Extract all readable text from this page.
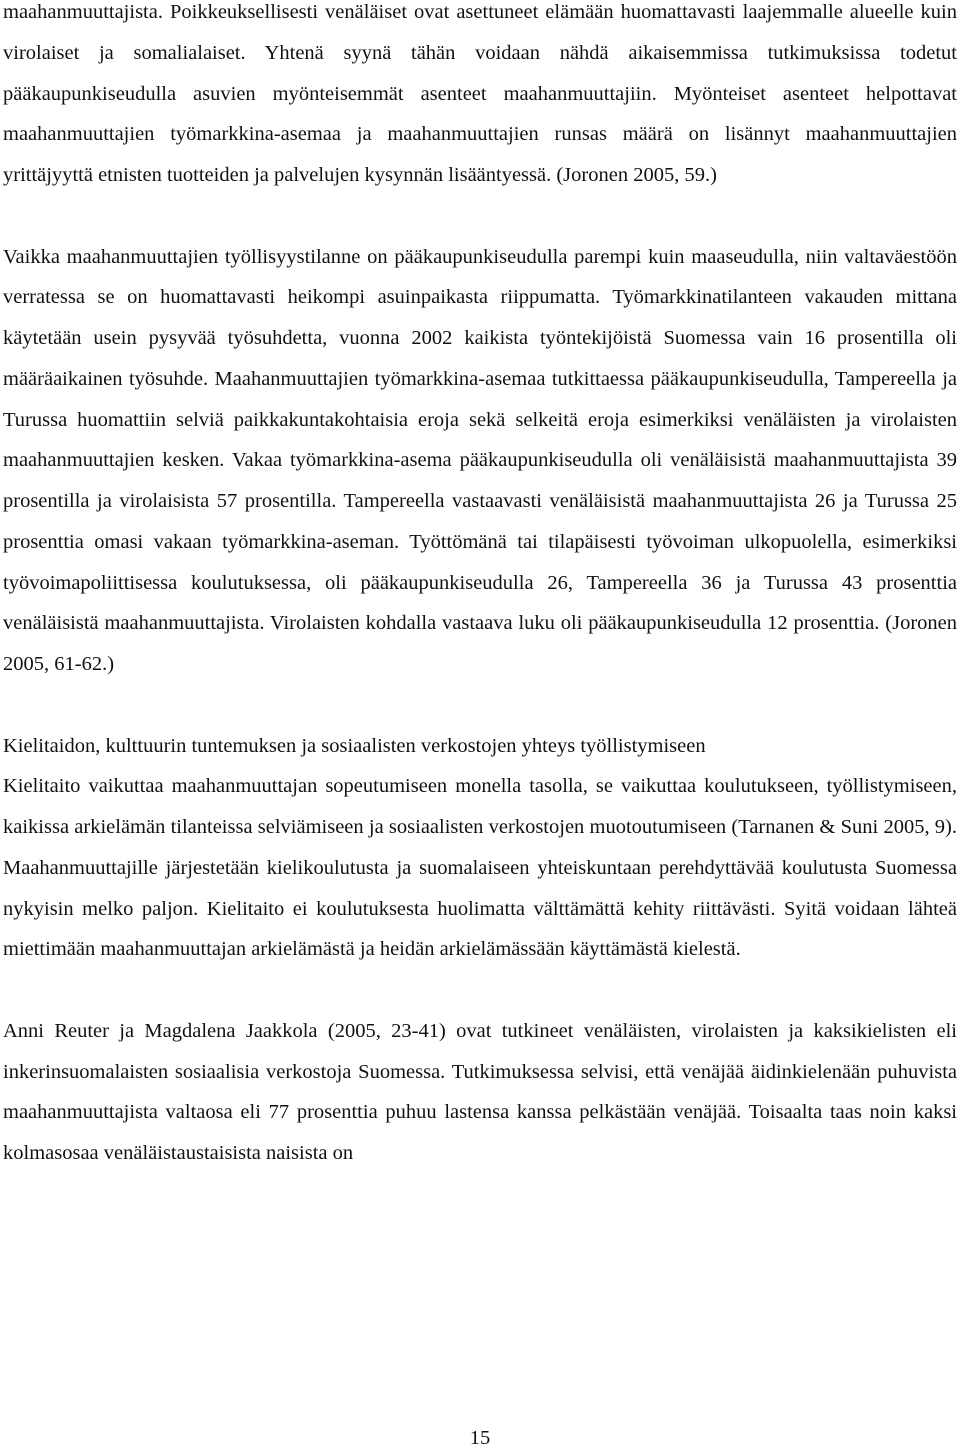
maahanmuuttajista. Poikkeuksellisesti venäläiset ovat asettuneet elämään huomattavasti laajemmalle alueelle kuin virolaiset ja somalialaiset. Yhtenä syynä tähän voidaan nähdä aikaisemmissa tutkimuksissa todetut pääkaupunkiseudulla asuvien myönteisemmät asenteet maahanmuuttajiin. Myönteiset asenteet helpottavat maahanmuuttajien työmarkkina-asemaa ja maahanmuuttajien runsas määrä on lisännyt maahanmuuttajien yrittäjyyttä etnisten tuotteiden ja palvelujen kysynnän lisääntyessä. (Joronen 2005, 59.)

Vaikka maahanmuuttajien työllisyystilanne on pääkaupunkiseudulla parempi kuin maaseudulla, niin valtaväestöön verratessa se on huomattavasti heikompi asuinpaikasta riippumatta. Työmarkkinatilanteen vakauden mittana käytetään usein pysyvää työsuhdetta, vuonna 2002 kaikista työntekijöistä Suomessa vain 16 prosentilla oli määräaikainen työsuhde. Maahanmuuttajien työmarkkina-asemaa tutkittaessa pääkaupunkiseudulla, Tampereella ja Turussa huomattiin selviä paikkakuntakohtaisia eroja sekä selkeitä eroja esimerkiksi venäläisten ja virolaisten maahanmuuttajien kesken. Vakaa työmarkkina-asema pääkaupunkiseudulla oli venäläisistä maahanmuuttajista 39 prosentilla ja virolaisista 57 prosentilla. Tampereella vastaavasti venäläisistä maahanmuuttajista 26 ja Turussa 25 prosenttia omasi vakaan työmarkkina-aseman. Työttömänä tai tilapäisesti työvoiman ulkopuolella, esimerkiksi työvoimapoliittisessa koulutuksessa, oli pääkaupunkiseudulla 26, Tampereella 36 ja Turussa 43 prosenttia venäläisistä maahanmuuttajista. Virolaisten kohdalla vastaava luku oli pääkaupunkiseudulla 12 prosenttia. (Joronen 2005, 61-62.)

Kielitaidon, kulttuurin tuntemuksen ja sosiaalisten verkostojen yhteys työllistymiseen

Kielitaito vaikuttaa maahanmuuttajan sopeutumiseen monella tasolla, se vaikuttaa koulutukseen, työllistymiseen, kaikissa arkielämän tilanteissa selviämiseen ja sosiaalisten verkostojen muotoutumiseen (Tarnanen & Suni 2005, 9). Maahanmuuttajille järjestetään kielikoulutusta ja suomalaiseen yhteiskuntaan perehdyttävää koulutusta Suomessa nykyisin melko paljon. Kielitaito ei koulutuksesta huolimatta välttämättä kehity riittävästi. Syitä voidaan lähteä miettimään maahanmuuttajan arkielämästä ja heidän arkielämässään käyttämästä kielestä.

Anni Reuter ja Magdalena Jaakkola (2005, 23-41) ovat tutkineet venäläisten, virolaisten ja kaksikielisten eli inkerinsuomalaisten sosiaalisia verkostoja Suomessa. Tutkimuksessa selvisi, että venäjää äidinkielenään puhuvista maahanmuuttajista valtaosa eli 77 prosenttia puhuu lastensa kanssa pelkästään venäjää. Toisaalta taas noin kaksi kolmasosaa venäläistaustaisista naisista on

15
